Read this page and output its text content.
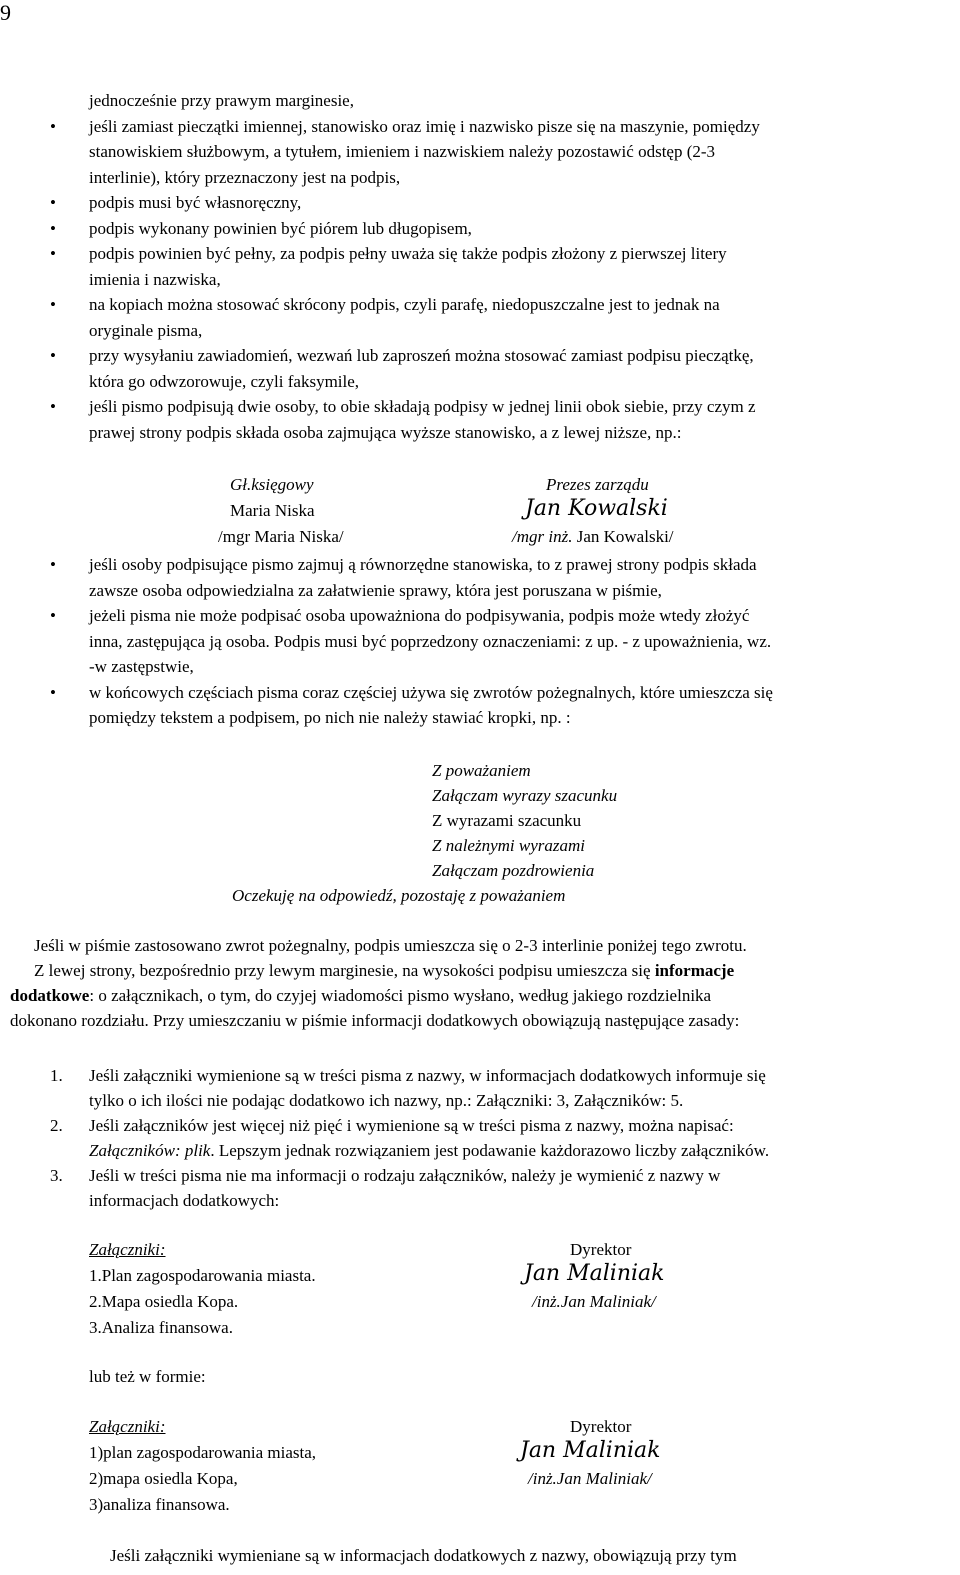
9
jednocześnie przy prawym marginesie,
• jeśli zamiast pieczątki imiennej, stanowisko oraz imię i nazwisko pisze się na maszynie, pomiędzy
stanowiskiem służbowym, a tytułem, imieniem i nazwiskiem należy pozostawić odstęp (2-3
interlinie), który przeznaczony jest na podpis,
• podpis musi być własnoręczny,
• podpis wykonany powinien być piórem lub długopisem,
• podpis powinien być pełny, za podpis pełny uważa się także podpis złożony z pierwszej litery
imienia i nazwiska,
• na kopiach można stosować skrócony podpis, czyli parafę, niedopuszczalne jest to jednak na
oryginale pisma,
• przy wysyłaniu zawiadomień, wezwań lub zaproszeń można stosować zamiast podpisu pieczątkę,
która go odwzorowuje, czyli faksymile,
• jeśli pismo podpisują dwie osoby, to obie składają podpisy w jednej linii obok siebie, przy czym z
prawej strony podpis składa osoba zajmująca wyższe stanowisko, a z lewej niższe, np.:
Gł.księgowy
Maria Niska
/mgr Maria Niska/
Prezes zarządu
Jan Kowalski
/mgr inż. Jan Kowalski/
• jeśli osoby podpisujące pismo zajmuj ą równorzędne stanowiska, to z prawej strony podpis składa
zawsze osoba odpowiedzialna za załatwienie sprawy, która jest poruszana w piśmie,
• jeżeli pisma nie może podpisać osoba upoważniona do podpisywania, podpis może wtedy złożyć
inna, zastępująca ją osoba. Podpis musi być poprzedzony oznaczeniami: z up. - z upoważnienia, wz.
-w zastępstwie,
• w końcowych częściach pisma coraz częściej używa się zwrotów pożegnalnych, które umieszcza się
pomiędzy tekstem a podpisem, po nich nie należy stawiać kropki, np. :
Z poważaniem
Załączam wyrazy szacunku
Z wyrazami szacunku
Z należnymi wyrazami
Załączam pozdrowienia
Oczekuję na odpowiedź, pozostaję z poważaniem
Jeśli w piśmie zastosowano zwrot pożegnalny, podpis umieszcza się o 2-3 interlinie poniżej tego zwrotu.
Z lewej strony, bezpośrednio przy lewym marginesie, na wysokości podpisu umieszcza się informacje
dodatkowe: o załącznikach, o tym, do czyjej wiadomości pismo wysłano, według jakiego rozdzielnika
dokonano rozdziału. Przy umieszczaniu w piśmie informacji dodatkowych obowiązują następujące zasady:
1. Jeśli załączniki wymienione są w treści pisma z nazwy, w informacjach dodatkowych informuje się
tylko o ich ilości nie podając dodatkowo ich nazwy, np.: Załączniki: 3, Załączników: 5.
2. Jeśli załączników jest więcej niż pięć i wymienione są w treści pisma z nazwy, można napisać:
Załączników: plik. Lepszym jednak rozwiązaniem jest podawanie każdorazowo liczby załączników.
3. Jeśli w treści pisma nie ma informacji o rodzaju załączników, należy je wymienić z nazwy w
informacjach dodatkowych:
Załączniki:
1.Plan zagospodarowania miasta.
2.Mapa osiedla Kopa.
3.Analiza finansowa.
Dyrektor
Jan Maliniak
/inż.Jan Maliniak/
lub też w formie:
Załączniki:
1)plan zagospodarowania miasta,
2)mapa osiedla Kopa,
3)analiza finansowa.
Dyrektor
Jan Maliniak
/inż.Jan Maliniak/
Jeśli załączniki wymieniane są w informacjach dodatkowych z nazwy, obowiązują przy tym
